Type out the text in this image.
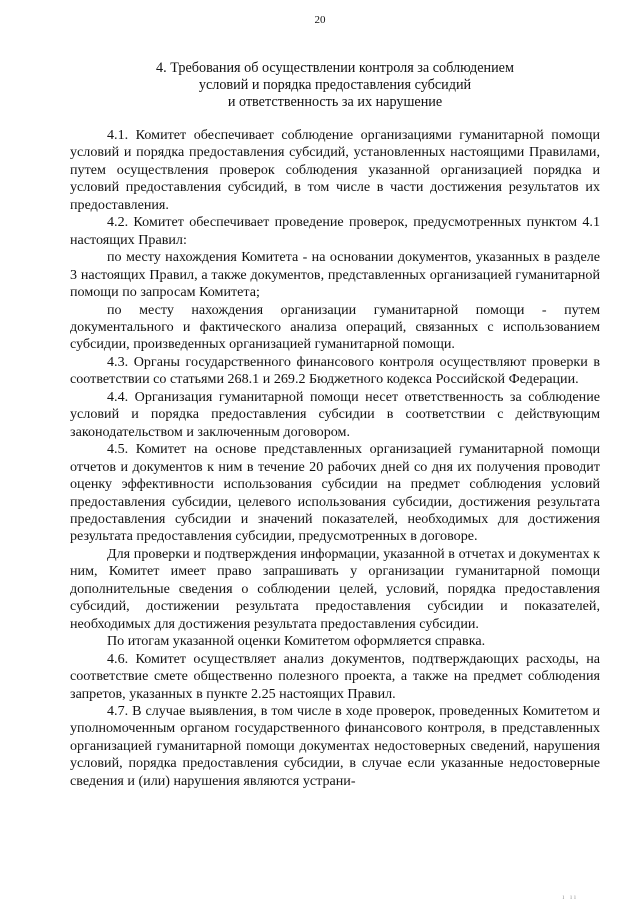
20
4. Требования об осуществлении контроля за соблюдением
условий и порядка предоставления субсидий
и ответственность за их нарушение

4.1. Комитет обеспечивает соблюдение организациями гуманитарной помощи условий и порядка предоставления субсидий, установленных настоящими Правилами, путем осуществления проверок соблюдения указанной организацией порядка и условий предоставления субсидий, в том числе в части достижения результатов их предоставления.

4.2. Комитет обеспечивает проведение проверок, предусмотренных пунктом 4.1 настоящих Правил:

по месту нахождения Комитета - на основании документов, указанных в разделе 3 настоящих Правил, а также документов, представленных организацией гуманитарной помощи по запросам Комитета;

по месту нахождения организации гуманитарной помощи - путем документального и фактического анализа операций, связанных с использованием субсидии, произведенных организацией гуманитарной помощи.

4.3. Органы государственного финансового контроля осуществляют проверки в соответствии со статьями 268.1 и 269.2 Бюджетного кодекса Российской Федерации.

4.4. Организация гуманитарной помощи несет ответственность за соблюдение условий и порядка предоставления субсидии в соответствии с действующим законодательством и заключенным договором.

4.5. Комитет на основе представленных организацией гуманитарной помощи отчетов и документов к ним в течение 20 рабочих дней со дня их получения проводит оценку эффективности использования субсидии на предмет соблюдения условий предоставления субсидии, целевого использования субсидии, достижения результата предоставления субсидии и значений показателей, необходимых для достижения результата предоставления субсидии, предусмотренных в договоре.

Для проверки и подтверждения информации, указанной в отчетах и документах к ним, Комитет имеет право запрашивать у организации гуманитарной помощи дополнительные сведения о соблюдении целей, условий, порядка предоставления субсидий, достижении результата предоставления субсидии и показателей, необходимых для достижения результата предоставления субсидии.

По итогам указанной оценки Комитетом оформляется справка.

4.6. Комитет осуществляет анализ документов, подтверждающих расходы, на соответствие смете общественно полезного проекта, а также на предмет соблюдения запретов, указанных в пункте 2.25 настоящих Правил.

4.7. В случае выявления, в том числе в ходе проверок, проведенных Комитетом и уполномоченным органом государственного финансового контроля, в представленных организацией гуманитарной помощи документах недостоверных сведений, нарушения условий, порядка предоставления субсидии, в случае если указанные недостоверные сведения и (или) нарушения являются устрани-

ı ıı
